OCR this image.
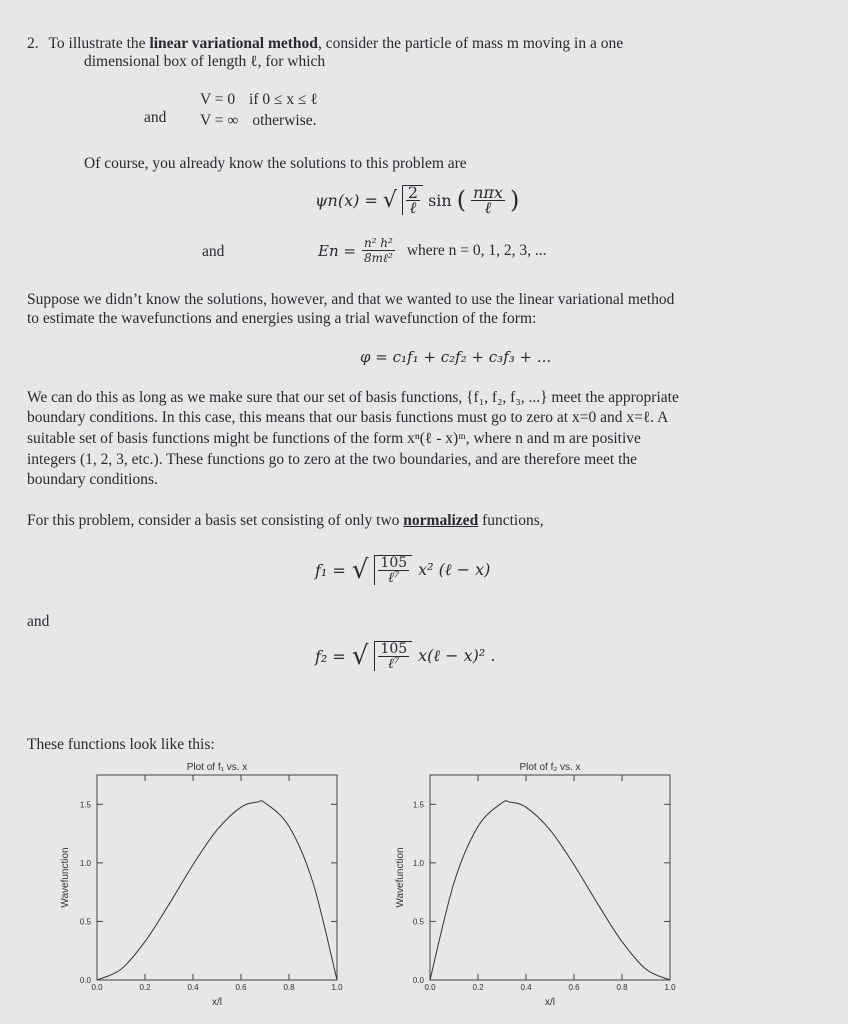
2. To illustrate the linear variational method, consider the particle of mass m moving in a one
dimensional box of length ℓ, for which
V = 0 if 0 ≤ x ≤ ℓ
and V = ∞ otherwise.
Of course, you already know the solutions to this problem are
ψn(x) = √ $\frac{2}{\text{ℓ}}$ sin ( $\frac{\text{nπx}}{\text{ℓ}}$ )
and	$En = \frac{\text{n² h²}}{\text{8mℓ²}}$ where n = 0, 1, 2, 3, ...
Suppose we didn’t know the solutions, however, and that we wanted to use the linear variational method
to estimate the wavefunctions and energies using a trial wavefunction of the form:
φ = c₁f₁ + c₂f₂ + c₃f₃ + ...
We can do this as long as we make sure that our set of basis functions, {f₁, f₂, f₃, ...} meet the appropriate
boundary conditions. In this case, this means that our basis functions must go to zero at x=0 and x=ℓ. A
suitable set of basis functions might be functions of the form xⁿ(ℓ - x)ᵐ, where n and m are positive
integers (1, 2, 3, etc.). These functions go to zero at the two boundaries, and are therefore meet the
boundary conditions.
For this problem, consider a basis set consisting of only two normalized functions,
f₁ = √ $\frac{105}{\text{ℓ⁷}} x^2$ (ℓ − x)
and
f₂ = √ $\frac{105}{\text{ℓ⁷}}$ x(ℓ − x)² .
These functions look like this:
Plot of f₁ vs. x
Wavefunction
x/l
0.0	0.2	0.4	0.6	0.8	1.0
0.0
0.5
1.0
1.5
Plot of f₂ vs. x
Wavefunction
x/l
0.0	0.2	0.4	0.6	0.8	1.0
0.0
0.5
1.0
1.5
